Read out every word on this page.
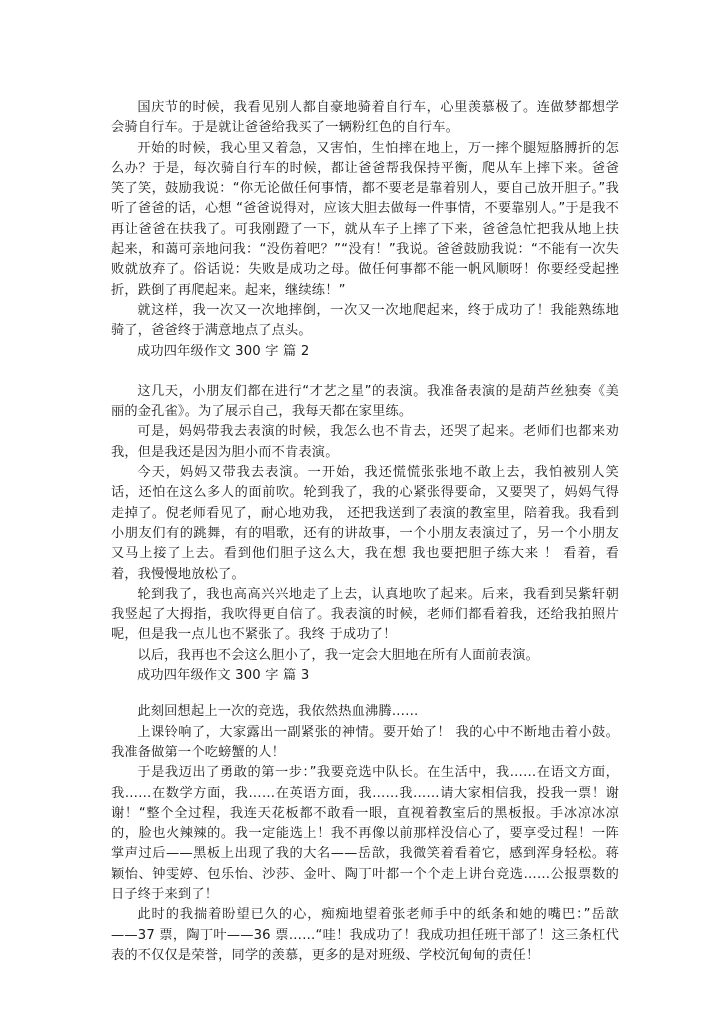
国庆节的时候，我看见别人都自豪地骑着自行车，心里羡慕极了。连做梦都想学会骑自行车。于是就让爸爸给我买了一辆粉红色的自行车。

开始的时候，我心里又着急，又害怕，生怕摔在地上，万一摔个腿短胳膊折的怎么办？于是，每次骑自行车的时候，都让爸爸帮我保持平衡，爬从车上摔下来。爸爸笑了笑，鼓励我说：“你无论做任何事情，都不要老是靠着别人，要自己放开胆子。”我听了爸爸的话，心想 “爸爸说得对，应该大胆去做每一件事情，不要靠别人。”于是我不再让爸爸在扶我了。可我刚蹬了一下，就从车子上摔了下来，爸爸急忙把我从地上扶起来，和蔼可亲地问我：“没伤着吧？”“没有！”我说。爸爸鼓励我说：“不能有一次失败就放弃了。俗话说：失败是成功之母。做任何事都不能一帆风顺呀！你要经受起挫折，跌倒了再爬起来。起来，继续练！”

就这样，我一次又一次地摔倒，一次又一次地爬起来，终于成功了！我能熟练地骑了，爸爸终于满意地点了点头。

成功四年级作文 300 字 篇 2

这几天，小朋友们都在进行“才艺之星”的表演。我准备表演的是葫芦丝独奏《美丽的金孔雀》。为了展示自己，我每天都在家里练。

可是，妈妈带我去表演的时候，我怎么也不肯去，还哭了起来。老师们也都来劝我，但是我还是因为胆小而不肯表演。

今天，妈妈又带我去表演。一开始，我还慌慌张张地不敢上去，我怕被别人笑话，还怕在这么多人的面前吹。轮到我了，我的心紧张得要命，又要哭了，妈妈气得走掉了。倪老师看见了，耐心地劝我， 还把我送到了表演的教室里，陪着我。我看到小朋友们有的跳舞，有的唱歌，还有的讲故事，一个小朋友表演过了，另一个小朋友又马上接了上去。看到他们胆子这么大，我在想 我也要把胆子练大来 ！ 看着，看着，我慢慢地放松了。

轮到我了，我也高高兴兴地走了上去，认真地吹了起来。后来，我看到吴紫轩朝我竖起了大拇指，我吹得更自信了。我表演的时候，老师们都看着我，还给我拍照片呢，但是我一点儿也不紧张了。我终 于成功了！

以后，我再也不会这么胆小了，我一定会大胆地在所有人面前表演。

成功四年级作文 300 字 篇 3

此刻回想起上一次的竞选，我依然热血沸腾……

上课铃响了，大家露出一副紧张的神情。要开始了！ 我的心中不断地击着小鼓。我准备做第一个吃螃蟹的人！

于是我迈出了勇敢的第一步：”我要竞选中队长。在生活中，我……在语文方面，我……在数学方面，我……在英语方面，我……我……请大家相信我，投我一票！谢谢！“整个全过程，我连天花板都不敢看一眼，直视着教室后的黑板报。手冰凉冰凉的，脸也火辣辣的。我一定能选上！我不再像以前那样没信心了，要享受过程！一阵掌声过后——黑板上出现了我的大名——岳歆，我微笑着看着它，感到浑身轻松。蒋颖怡、钟雯婷、包乐怡、沙莎、金叶、陶丁叶都一个个走上讲台竞选……公报票数的日子终于来到了！

此时的我揣着盼望已久的心，痴痴地望着张老师手中的纸条和她的嘴巴：”岳歆——37 票，陶丁叶——36 票……“哇！我成功了！我成功担任班干部了！这三条杠代表的不仅仅是荣誉，同学的羡慕，更多的是对班级、学校沉甸甸的责任！
